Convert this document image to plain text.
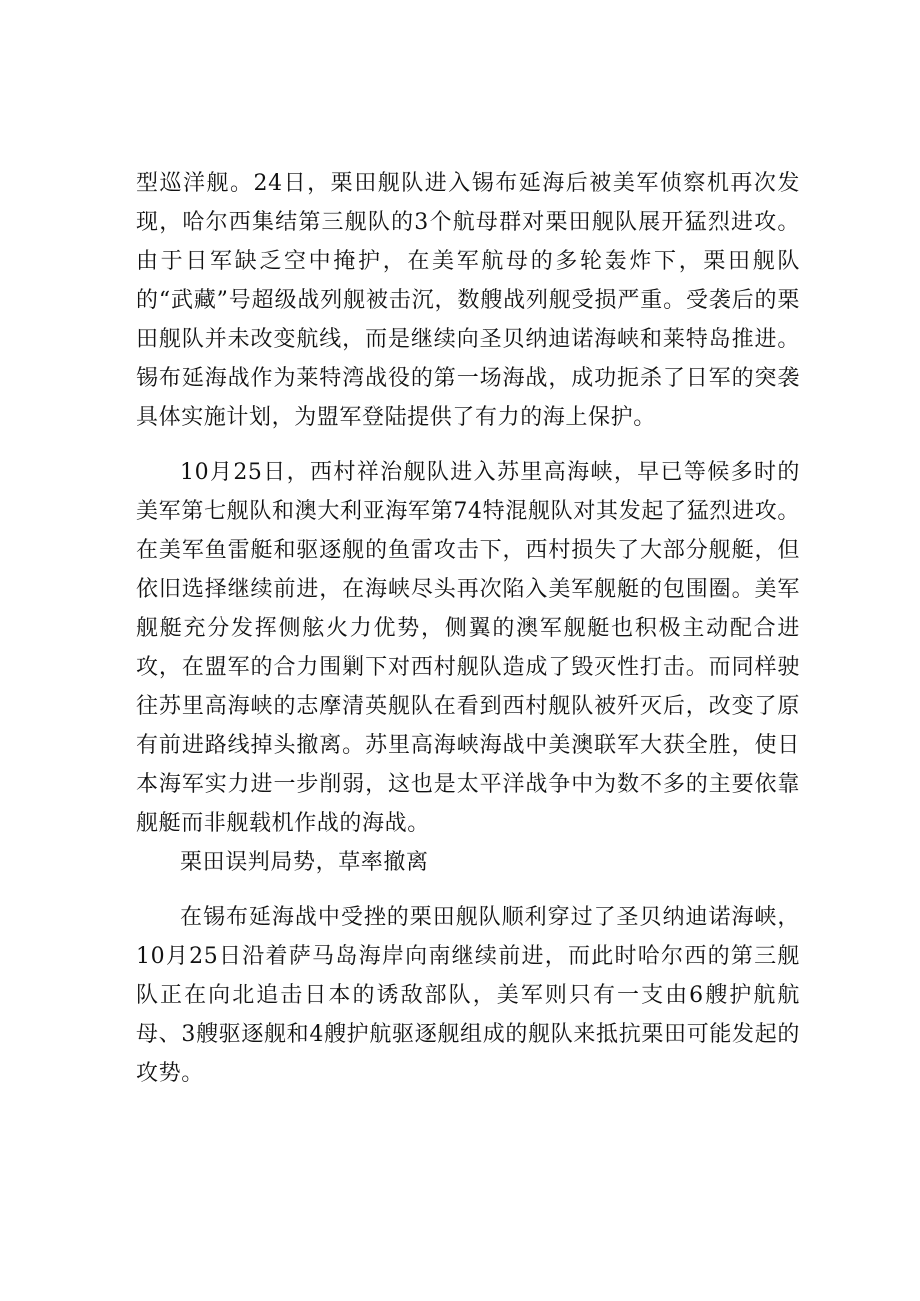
型巡洋舰。24日，栗田舰队进入锡布延海后被美军侦察机再次发现，哈尔西集结第三舰队的3个航母群对栗田舰队展开猛烈进攻。由于日军缺乏空中掩护，在美军航母的多轮轰炸下，栗田舰队的“武藏”号超级战列舰被击沉，数艘战列舰受损严重。受袭后的栗田舰队并未改变航线，而是继续向圣贝纳迪诺海峡和莱特岛推进。锡布延海战作为莱特湾战役的第一场海战，成功扼杀了日军的突袭具体实施计划，为盟军登陆提供了有力的海上保护。

10月25日，西村祥治舰队进入苏里高海峡，早已等候多时的美军第七舰队和澳大利亚海军第74特混舰队对其发起了猛烈进攻。在美军鱼雷艇和驱逐舰的鱼雷攻击下，西村损失了大部分舰艇，但依旧选择继续前进，在海峡尽头再次陷入美军舰艇的包围圈。美军舰艇充分发挥侧舷火力优势，侧翼的澳军舰艇也积极主动配合进攻，在盟军的合力围剿下对西村舰队造成了毁灭性打击。而同样驶往苏里高海峡的志摩清英舰队在看到西村舰队被歼灭后，改变了原有前进路线掉头撤离。苏里高海峡海战中美澳联军大获全胜，使日本海军实力进一步削弱，这也是太平洋战争中为数不多的主要依靠舰艇而非舰载机作战的海战。

栗田误判局势，草率撤离

在锡布延海战中受挫的栗田舰队顺利穿过了圣贝纳迪诺海峡，10月25日沿着萨马岛海岸向南继续前进，而此时哈尔西的第三舰队正在向北追击日本的诱敌部队，美军则只有一支由6艘护航航母、3艘驱逐舰和4艘护航驱逐舰组成的舰队来抵抗栗田可能发起的攻势。
